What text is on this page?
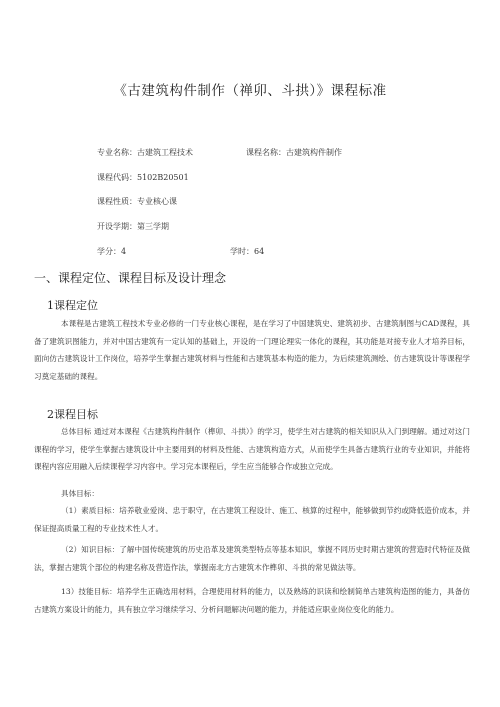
《古建筑构件制作（禅卯、斗拱）》课程标准
专业名称：古建筑工程技术	课程名称：古建筑构件制作
课程代码：5102B20501
课程性质：专业核心课
开设学期：第三学期
学分：4	学时：64
一、课程定位、课程目标及设计理念
1课程定位
本课程是古建筑工程技术专业必修的一门专业核心课程，是在学习了中国建筑史、建筑初步、古建筑制图与CAD课程，具备了建筑识图能力，并对中国古建筑有一定认知的基础上，开设的一门理论理实一体化的课程，其功能是对接专业人才培养目标，面向仿古建筑设计工作岗位，培养学生掌握古建筑材料与性能和古建筑基本构造的能力，为后续建筑测绘、仿古建筑设计等课程学习奠定基础的课程。
2课程目标
总体目标 通过对本课程《古建筑构件制作（榫卯、斗拱）》的学习，使学生对古建筑的相关知识从入门到理解。通过对这门课程的学习，使学生掌握古建筑设计中主要用到的材料及性能、古建筑构造方式，从而使学生具备古建筑行业的专业知识，并能将课程内容应用融入后续课程学习内容中。学习完本课程后，学生应当能够合作或独立完成。
具体目标：
（1）素质目标：培养敬业爱岗、忠于职守，在古建筑工程设计、施工、核算的过程中，能够做到节约或降低造价成本，并保证提高质量工程的专业技术性人才。
（2）知识目标：了解中国传统建筑的历史沿革及建筑类型特点等基本知识，掌握不同历史时期古建筑的营造时代特征及做法，掌握古建筑个部位的构建名称及营造作法，掌握南北方古建筑木作榫卯、斗拱的常见做法等。
13）技能目标：培养学生正确选用材料，合理使用材料的能力，以及熟练的识读和绘制简单古建筑构造图的能力，具备仿古建筑方案设计的能力，具有独立学习继续学习、分析问题解决问题的能力，并能适应职业岗位变化的能力。
